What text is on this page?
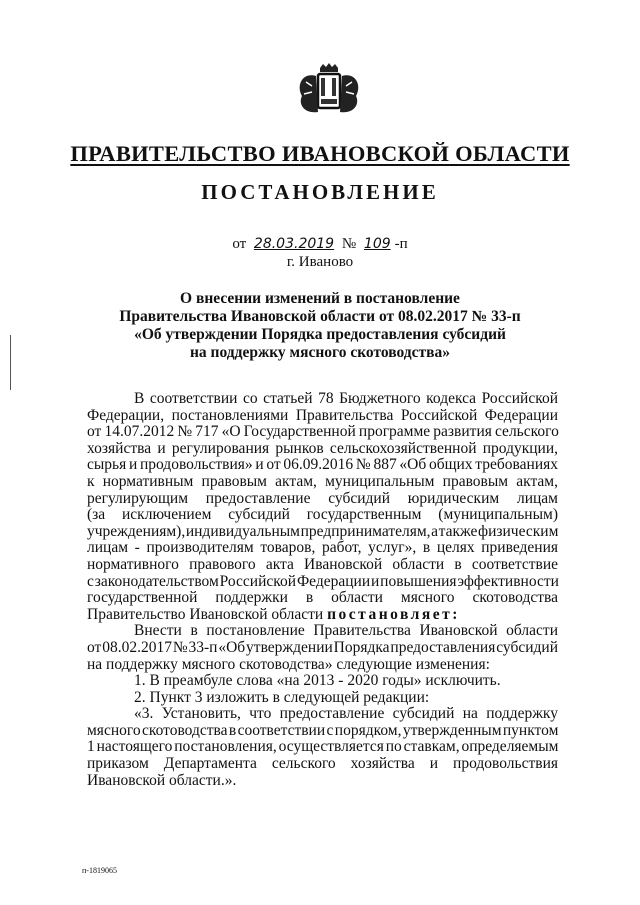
ПРАВИТЕЛЬСТВО ИВАНОВСКОЙ ОБЛАСТИ
ПОСТАНОВЛЕНИЕ
от 28.03.2019 № 109 -п
г. Иваново
О внесении изменений в постановление
Правительства Ивановской области от 08.02.2017 № 33-п
«Об утверждении Порядка предоставления субсидий
на поддержку мясного скотоводства»
В соответствии со статьей 78 Бюджетного кодекса Российской
Федерации, постановлениями Правительства Российской Федерации
от 14.07.2012 № 717 «О Государственной программе развития сельского
хозяйства и регулирования рынков сельскохозяйственной продукции,
сырья и продовольствия» и от 06.09.2016 № 887 «Об общих требованиях
к нормативным правовым актам, муниципальным правовым актам,
регулирующим предоставление субсидий юридическим лицам
(за исключением субсидий государственным (муниципальным)
учреждениям), индивидуальным предпринимателям, а также физическим
лицам - производителям товаров, работ, услуг», в целях приведения
нормативного правового акта Ивановской области в соответствие
с законодательством Российской Федерации и повышения эффективности
государственной поддержки в области мясного скотоводства
Правительство Ивановской области постановляет:
Внести в постановление Правительства Ивановской области
от 08.02.2017 № 33-п «Об утверждении Порядка предоставления субсидий
на поддержку мясного скотоводства» следующие изменения:
1. В преамбуле слова «на 2013 - 2020 годы» исключить.
2. Пункт 3 изложить в следующей редакции:
«3. Установить, что предоставление субсидий на поддержку
мясного скотоводства в соответствии с порядком, утвержденным пунктом
1 настоящего постановления, осуществляется по ставкам, определяемым
приказом Департамента сельского хозяйства и продовольствия
Ивановской области.».
п-1819065
